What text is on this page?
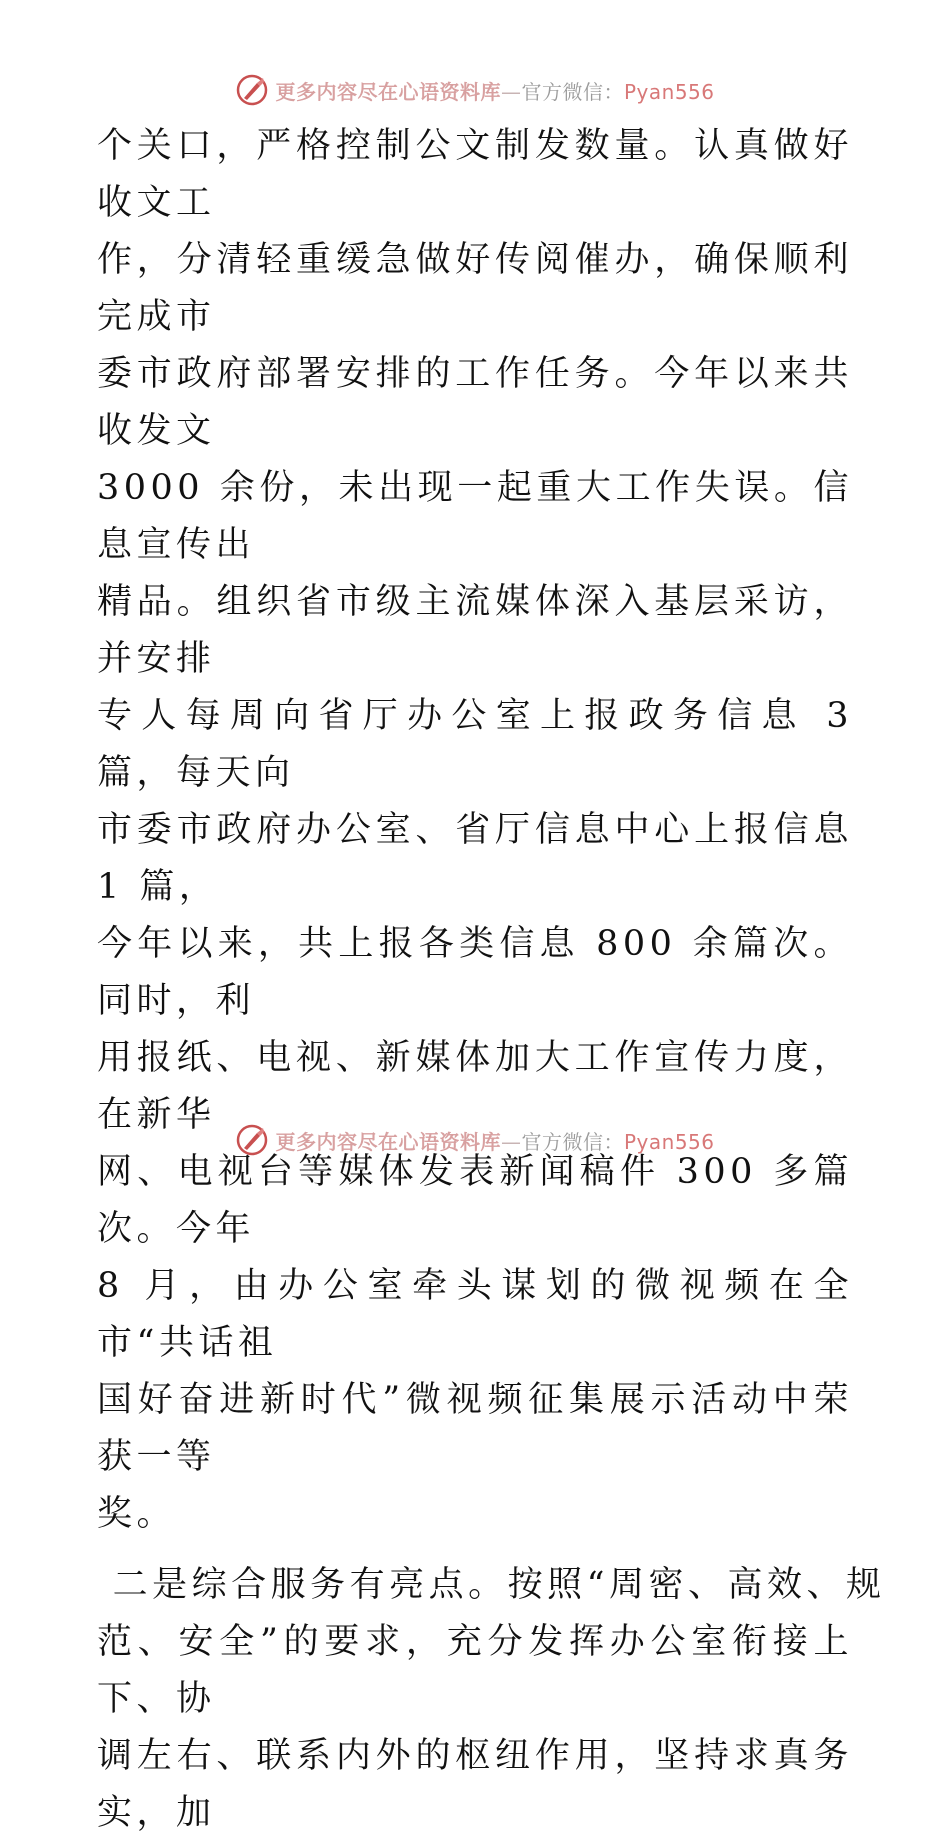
更多内容尽在心语资料库—官方微信：Pyan556

个关口，严格控制公文制发数量。认真做好收文工
作，分清轻重缓急做好传阅催办，确保顺利完成市
委市政府部署安排的工作任务。今年以来共收发文
3000 余份，未出现一起重大工作失误。信息宣传出
精品。组织省市级主流媒体深入基层采访，并安排
专人每周向省厅办公室上报政务信息 3 篇，每天向
市委市政府办公室、省厅信息中心上报信息 1 篇，
今年以来，共上报各类信息 800 余篇次。同时，利
用报纸、电视、新媒体加大工作宣传力度，在新华
网、电视台等媒体发表新闻稿件 300 多篇次。今年
8 月，由办公室牵头谋划的微视频在全市“共话祖
国好奋进新时代”微视频征集展示活动中荣获一等
奖。

二是综合服务有亮点。按照“周密、高效、规
范、安全”的要求，充分发挥办公室衔接上下、协
调左右、联系内外的枢纽作用，坚持求真务实，加

更多内容尽在心语资料库—官方微信：Pyan556
